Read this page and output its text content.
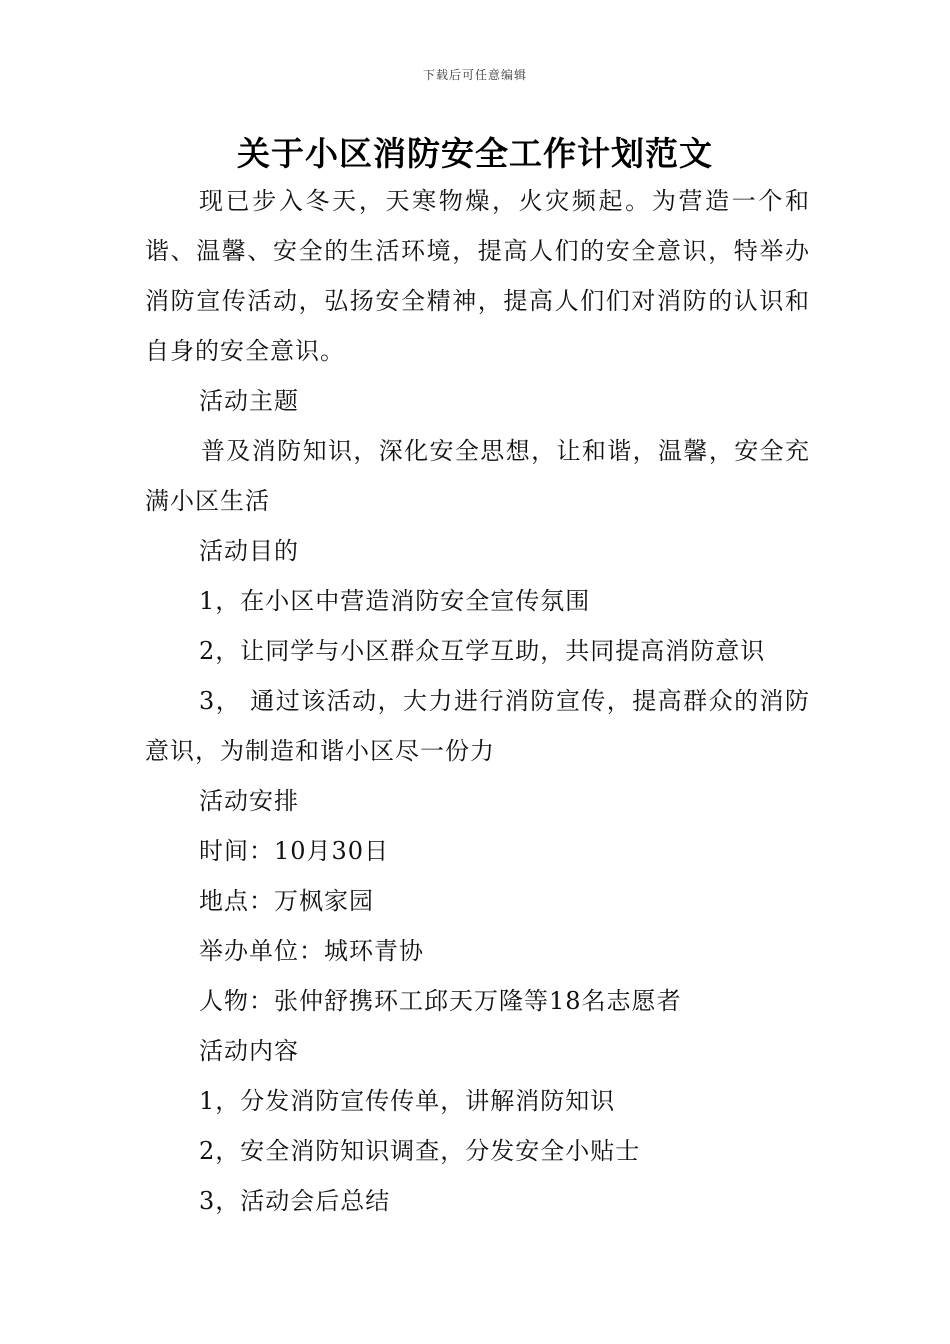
下载后可任意编辑
关于小区消防安全工作计划范文

现已步入冬天，天寒物燥，火灾频起。为营造一个和谐、温馨、安全的生活环境，提高人们的安全意识，特举办消防宣传活动，弘扬安全精神，提高人们们对消防的认识和自身的安全意识。

活动主题

普及消防知识，深化安全思想，让和谐，温馨，安全充满小区生活

活动目的

1，在小区中营造消防安全宣传氛围

2，让同学与小区群众互学互助，共同提高消防意识

3， 通过该活动，大力进行消防宣传，提高群众的消防意识，为制造和谐小区尽一份力

活动安排

时间：10月30日

地点：万枫家园

举办单位：城环青协

人物：张仲舒携环工邱天万隆等18名志愿者

活动内容

1，分发消防宣传传单，讲解消防知识

2，安全消防知识调查，分发安全小贴士

3，活动会后总结
